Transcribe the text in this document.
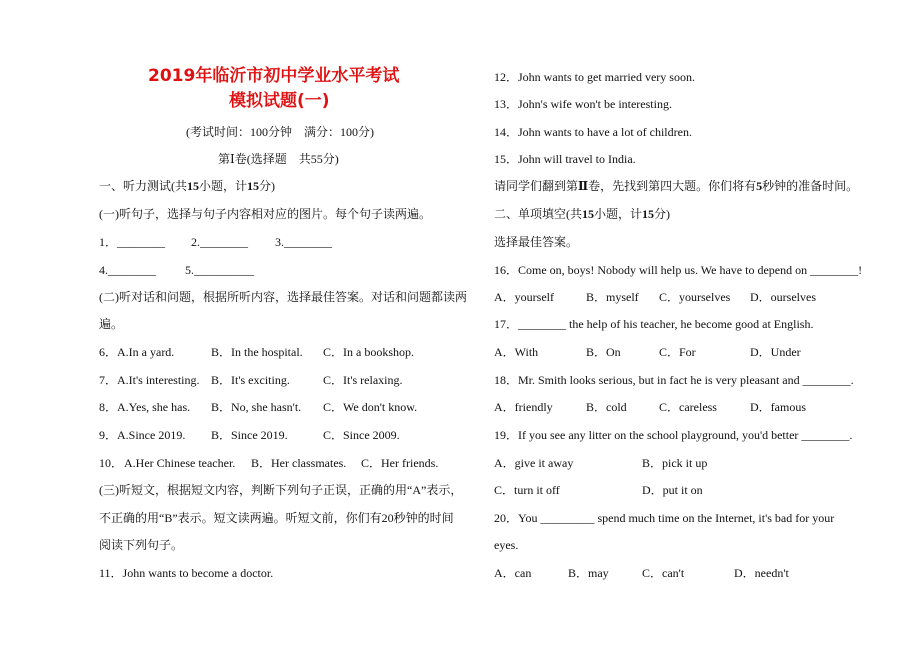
2019年临沂市初中学业水平考试
模拟试题(一)
(考试时间：100分钟　满分：100分)
第Ⅰ卷(选择题　共55分)
一、听力测试(共15小题，计15分)
(一)听句子，选择与句子内容相对应的图片。每个句子读两遍。
1．________ 2.________ 3.________
4.________ 5.__________
(二)听对话和问题，根据所听内容，选择最佳答案。对话和问题都读两
遍。
6． A.In a yard.	B．In the hospital. C．In a bookshop.
7． A.It's interesting. B．It's exciting.	C．It's relaxing.
8． A.Yes, she has. B．No, she hasn't. C．We don't know.
9． A.Since 2019. B．Since 2019.	C．Since 2009.
10． A.Her Chinese teacher. B．Her classmates. C．Her friends.
(三)听短文，根据短文内容，判断下列句子正误，正确的用“A”表示，
不正确的用“B”表示。短文读两遍。听短文前，你们有20秒钟的时间
阅读下列句子。
11．John wants to become a doctor.
12．John wants to get married very soon.
13．John's wife won't be interesting.
14．John wants to have a lot of children.
15．John will travel to India.
请同学们翻到第Ⅱ卷，先找到第四大题。你们将有5秒钟的准备时间。
二、单项填空(共15小题，计15分)
选择最佳答案。
16．Come on, boys! Nobody will help us. We have to depend on ________!
A．yourself	B．myself C．yourselves D．ourselves
17．________ the help of his teacher, he become good at English.
A．With	B．On	C．For	D．Under
18．Mr. Smith looks serious, but in fact he is very pleasant and ________.
A．friendly	B．cold	C．careless	D．famous
19．If you see any litter on the school playground, you'd better ________.
A．give it away	B．pick it up
C．turn it off	D．put it on
20．You _________ spend much time on the Internet, it's bad for your
eyes.
A．can	B．may	C．can't	D．needn't
